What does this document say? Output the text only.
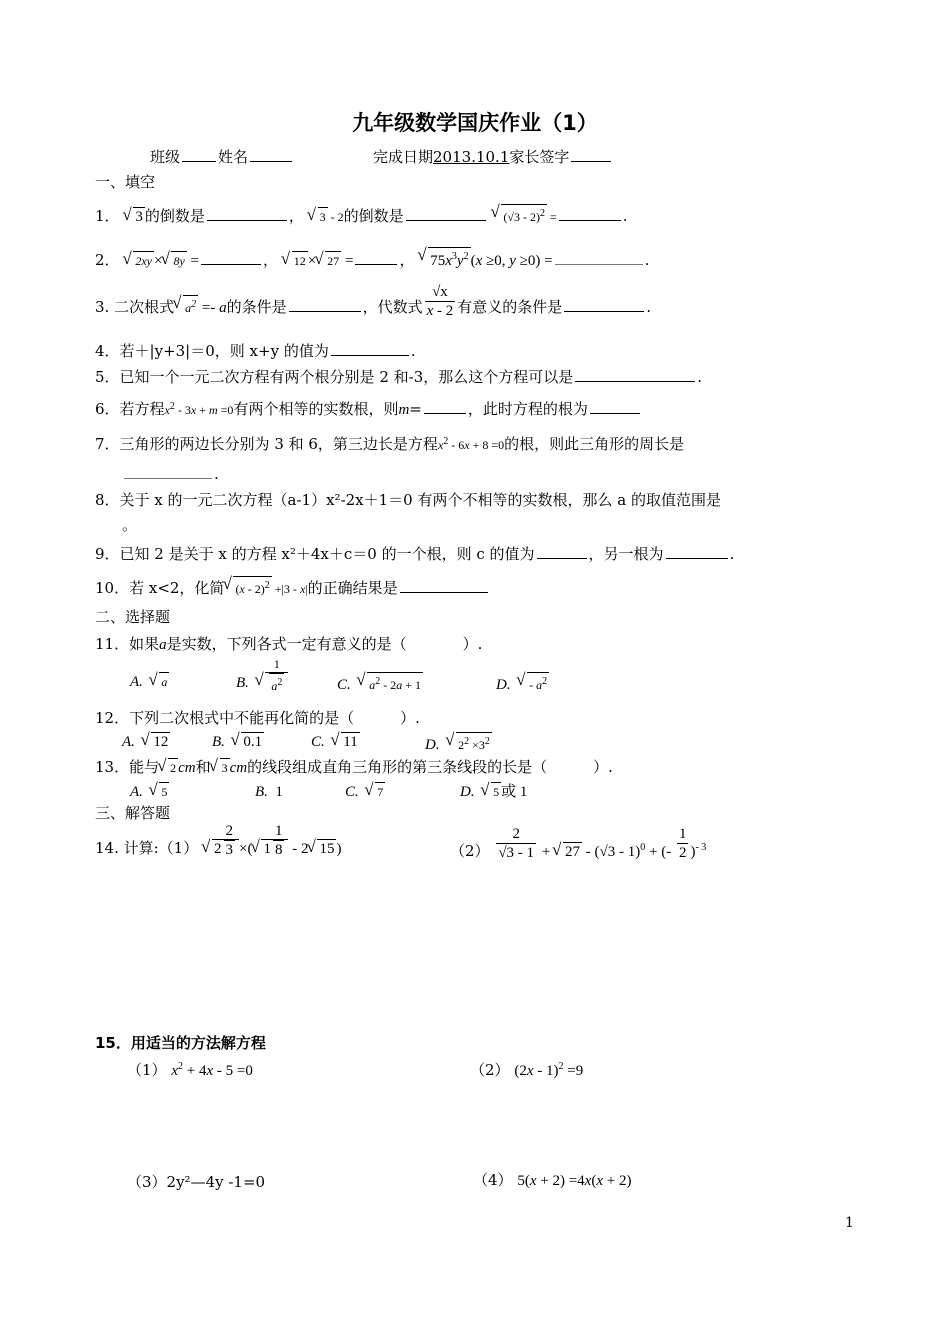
九年级数学国庆作业（1）
班级	姓名	完成日期2013.10.1家长签字
一、填空
1． √ 3 的倒数是	， √ 3 - 2的倒数是 √	(√3 - 2)$^2$ =	.
2． √ 2xy ×√ 8y =	， √ 12 ×√ 27 =	， √ $75x^3y^2$ (x ≥0, y ≥0) =	.
3. 二次根式√ $a^2 =- a$的条件是	，代数式 $\frac{√x}{x - 2}$ 有意义的条件是	.
4．若＋|y+3|＝0，则 x+y 的值为	.
5．已知一个一元二次方程有两个根分别是 2 和-3，那么这个方程可以是	.
6．若方程$x^2 - 3x + m =0$有两个相等的实数根，则m=	，此时方程的根为
7．三角形的两边长分别为 3 和 6，第三边长是方程$x^2 - 6x + 8 =0$的根，则此三角形的周长是
.
8．关于 x 的一元二次方程（a-1）x²-2x＋1＝0 有两个不相等的实数根，那么 a 的取值范围是
。
9．已知 2 是关于 x 的方程 x²＋4x＋c＝0 的一个根，则 c 的值为	，另一根为	.
10．若 x<2，化简√ (x - 2)$^2$ +|3 - x|的正确结果是
二、选择题
11．如果a是实数，下列各式一定有意义的是（	）.
A.  √ a	B.
√ $\frac{1}{a^2}$	C.  √ $a^2 - 2a + 1$	D.  √ - $a^2$
12．下列二次根式中不能再化简的是（	）.
A.  √ 12	B.  √ 0.1	C.  √ 11	D.  √ $2^2 \times 3^2$
13．能与√ 2 cm和√ 3 cm的线段组成直角三角形的第三条线段的长是（	）.
A.  √ 5	B. 1	C.  √ 7	D.  √ 5 或 1
三、解答题
14. 计算:（1） √ $2 \frac{2}{3}$ ×(√ $1 \frac{1}{8} - 2√$ 15 )	$(2) \frac{2}{√3 - 1}$ + √ 27 - (√3 - 1)$^0$ + (- $\frac{1}{2} )^{- 3}$
15．用适当的方法解方程
（1） $x^2 + 4x - 5 =0$	（2） (2x - 1)$^2$ =9
（3）2y²—4y -1=0	（4） 5(x + 2) =4x(x + 2)
1
